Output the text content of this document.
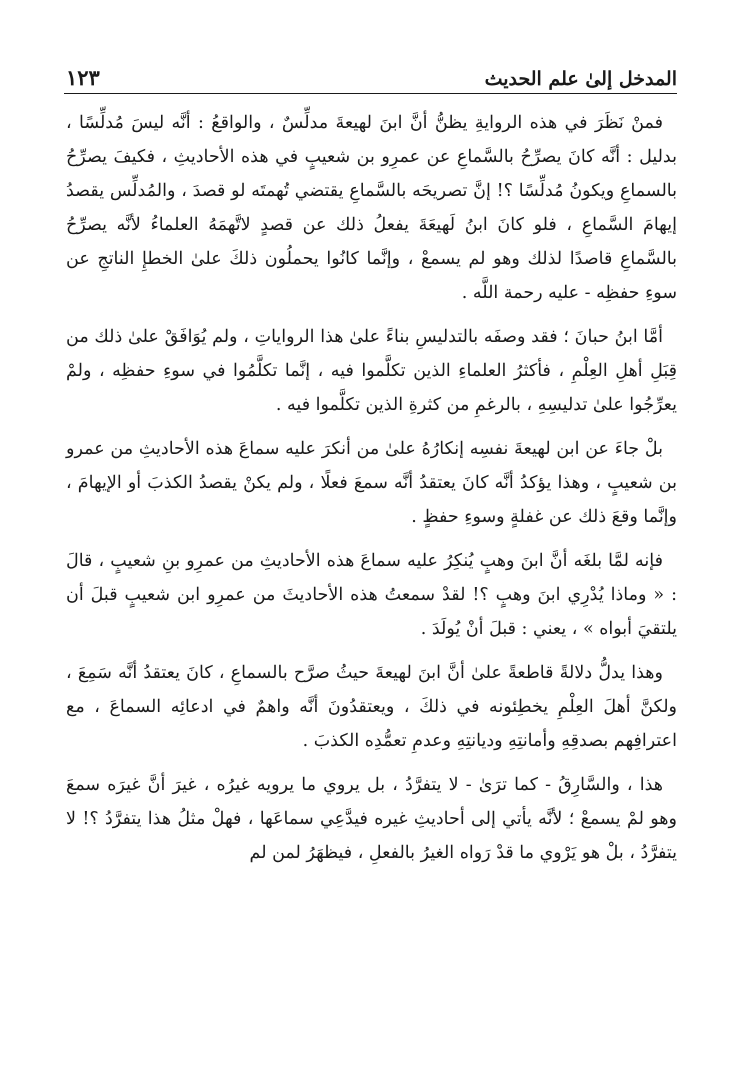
المدخل إلىٰ علم الحديث
١٢٣

فمنْ نَظَرَ في هذه الروايةِ يظنُّ أنَّ ابنَ لهيعةَ مدلِّسٌ ، والواقعُ : أنَّه ليسَ مُدلِّسًا ، بدليل : أنَّه كانَ يصرِّحُ بالسَّماعِ عن عمرِو بن شعيبٍ في هذه الأحاديثِ ، فكيفَ يصرِّحُ بالسماعِ ويكونُ مُدلِّسًا ؟! إنَّ تصريحَه بالسَّماعِ يقتضي تُهمتَه لو قصدَ ، والمُدلِّس يقصدُ إيهامَ السَّماعِ ، فلو كانَ ابنُ لَهيعَةَ يفعلُ ذلك عن قصدٍ لاتَّهمَهُ العلماءُ لأنَّه يصرِّحُ بالسَّماعِ قاصدًا لذلك وهو لم يسمعْ ، وإنَّما كانُوا يحملُون ذلكَ علىٰ الخطإِ الناتجِ عن سوءِ حفظِه - عليه رحمة اللَّه .

أمَّا ابنُ حبانَ ؛ فقد وصفَه بالتدليسِ بناءً علىٰ هذا الرواياتِ ، ولم يُوَافَقْ علىٰ ذلك من قِبَلِ أهلِ العِلْمِ ، فأكثرُ العلماءِ الذين تكلَّموا فيه ، إنَّما تكلَّمُوا في سوءِ حفظِه ، ولمْ يعرِّجُوا علىٰ تدليسِهِ ، بالرغمِ من كثرةِ الذين تكلَّموا فيه .

بلْ جاءَ عن ابن لهيعةَ نفسِه إنكارُهُ علىٰ من أنكرَ عليه سماعَ هذه الأحاديثِ من عمرو بن شعيبٍ ، وهذا يؤكدُ أنَّه كانَ يعتقدُ أنَّه سمعَ فعلًا ، ولم يكنْ يقصدُ الكذبَ أو الإيهامَ ، وإنَّما وقعَ ذلك عن غفلةٍ وسوءِ حفظٍ .

فإنه لمَّا بلغَه أنَّ ابنَ وهبٍ يُنكِرُ عليه سماعَ هذه الأحاديثِ من عمرِو بنِ شعيبٍ ، قالَ : « وماذا يُدْرِي ابنَ وهبٍ ؟! لقدْ سمعتُ هذه الأحاديثَ من عمرِو ابن شعيبٍ قبلَ أن يلتقيَ أبواه » ، يعني : قبلَ أنْ يُولَدَ .

وهذا يدلُّ دلالةً قاطعةً علىٰ أنَّ ابنَ لهيعةَ حيثُ صرَّح بالسماعِ ، كانَ يعتقدُ أنَّه سَمِعَ ، ولكنَّ أهلَ العِلْمِ يخطِئونه في ذلكَ ، ويعتقدُونَ أنَّه واهمٌ في ادعائِه السماعَ ، مع اعترافِهم بصدقِهِ وأمانتِهِ وديانتِهِ وعدمِ تعمُّدِه الكذبَ .

هذا ، والسَّارِقُ - كما ترَىٰ - لا يتفرَّدُ ، بل يروي ما يرويه غيرُه ، غيرَ أنَّ غيرَه سمعَ وهو لمْ يسمعْ ؛ لأنَّه يأتي إلى أحاديثِ غيره فيدَّعِي سماعَها ، فهلْ مثلُ هذا يتفرَّدُ ؟! لا يتفرَّدُ ، بلْ هو يَرْوي ما قدْ رَواه الغيرُ بالفعلِ ، فيظهَرُ لمن لم
